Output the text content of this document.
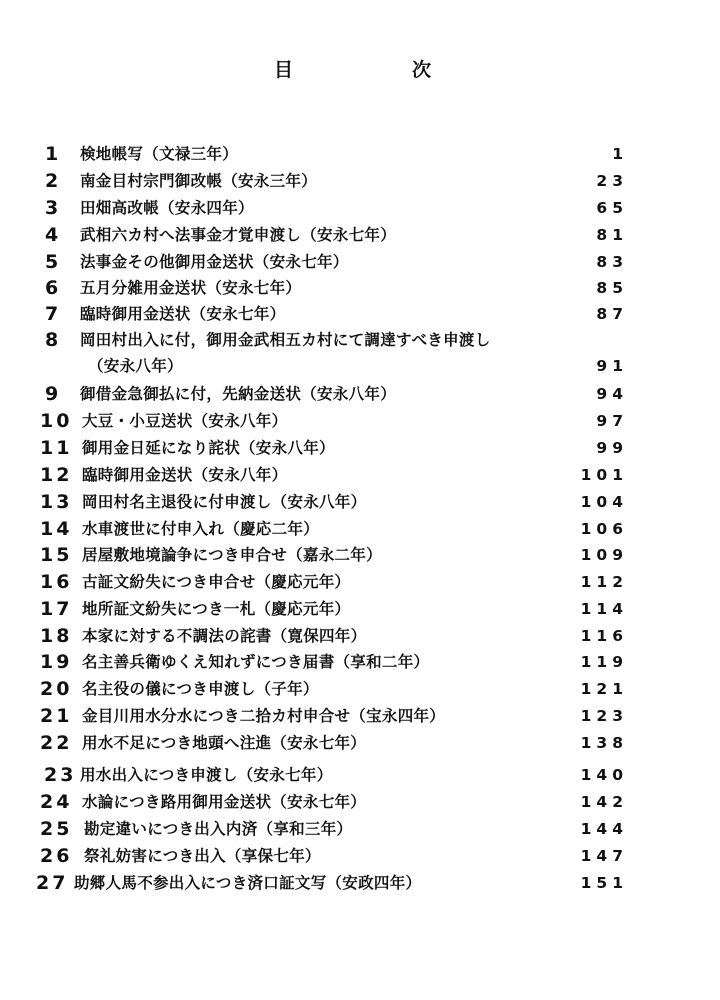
目	次
1 検地帳写（文禄三年）	1
2 南金目村宗門御改帳（安永三年）	23
3 田畑高改帳（安永四年）	65
4 武相六カ村へ法事金才覚申渡し（安永七年）	81
5 法事金その他御用金送状（安永七年）	83
6 五月分雑用金送状（安永七年）	85
7 臨時御用金送状（安永七年）	87
8 岡田村出入に付，御用金武相五カ村にて調達すべき申渡し
（安永八年）	91
9 御借金急御払に付，先納金送状（安永八年）	94
10 大豆・小豆送状（安永八年）	97
11 御用金日延になり詫状（安永八年）	99
12 臨時御用金送状（安永八年）	101
13 岡田村名主退役に付申渡し（安永八年）	104
14 水車渡世に付申入れ（慶応二年）	106
15 居屋敷地境論争につき申合せ（嘉永二年）	109
16 古証文紛失につき申合せ（慶応元年）	112
17 地所証文紛失につき一札（慶応元年）	114
18 本家に対する不調法の詫書（寛保四年）	116
19 名主善兵衛ゆくえ知れずにつき届書（享和二年）	119
20 名主役の儀につき申渡し（子年）	121
21 金目川用水分水につき二拾カ村申合せ（宝永四年）	123
22 用水不足につき地頭へ注進（安永七年）	138
23 用水出入につき申渡し（安永七年）	140
24 水論につき路用御用金送状（安永七年）	142
25 勘定違いにつき出入内済（享和三年）	144
26 祭礼妨害につき出入（享保七年）	147
27 助郷人馬不参出入につき済口証文写（安政四年）	151
